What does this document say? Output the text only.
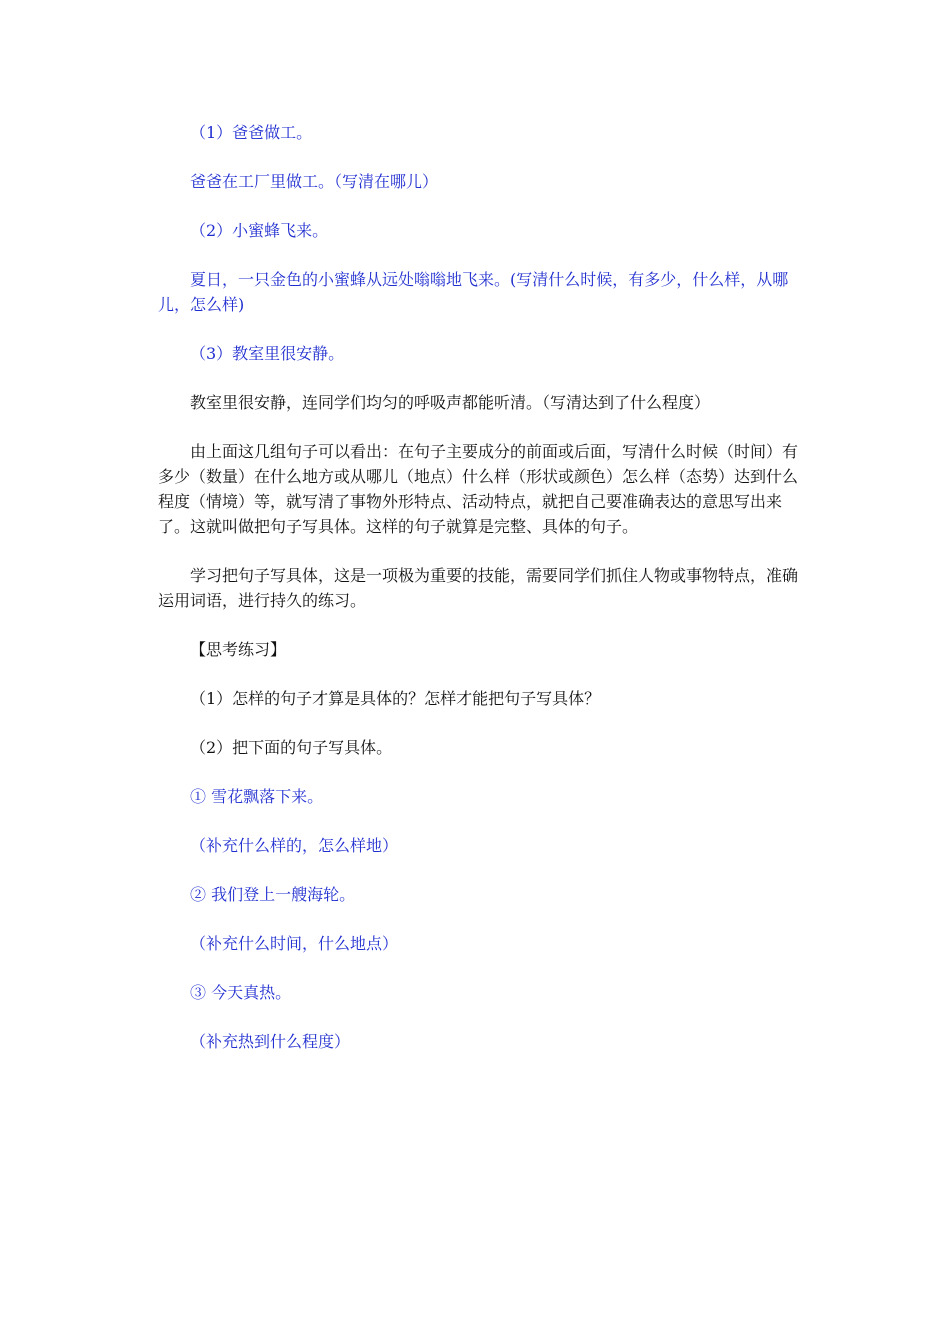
（1）爸爸做工。

爸爸在工厂里做工。（写清在哪儿）

（2）小蜜蜂飞来。

夏日，一只金色的小蜜蜂从远处嗡嗡地飞来。(写清什么时候，有多少，什么样，从哪儿，怎么样)

（3）教室里很安静。

教室里很安静，连同学们均匀的呼吸声都能听清。（写清达到了什么程度）

由上面这几组句子可以看出：在句子主要成分的前面或后面，写清什么时候（时间）有多少（数量）在什么地方或从哪儿（地点）什么样（形状或颜色）怎么样（态势）达到什么程度（情境）等，就写清了事物外形特点、活动特点，就把自己要准确表达的意思写出来了。这就叫做把句子写具体。这样的句子就算是完整、具体的句子。

学习把句子写具体，这是一项极为重要的技能，需要同学们抓住人物或事物特点，准确运用词语，进行持久的练习。

【思考练习】

（1）怎样的句子才算是具体的？怎样才能把句子写具体？

（2）把下面的句子写具体。

① 雪花飘落下来。

（补充什么样的，怎么样地）

② 我们登上一艘海轮。

（补充什么时间，什么地点）

③ 今天真热。

（补充热到什么程度）
